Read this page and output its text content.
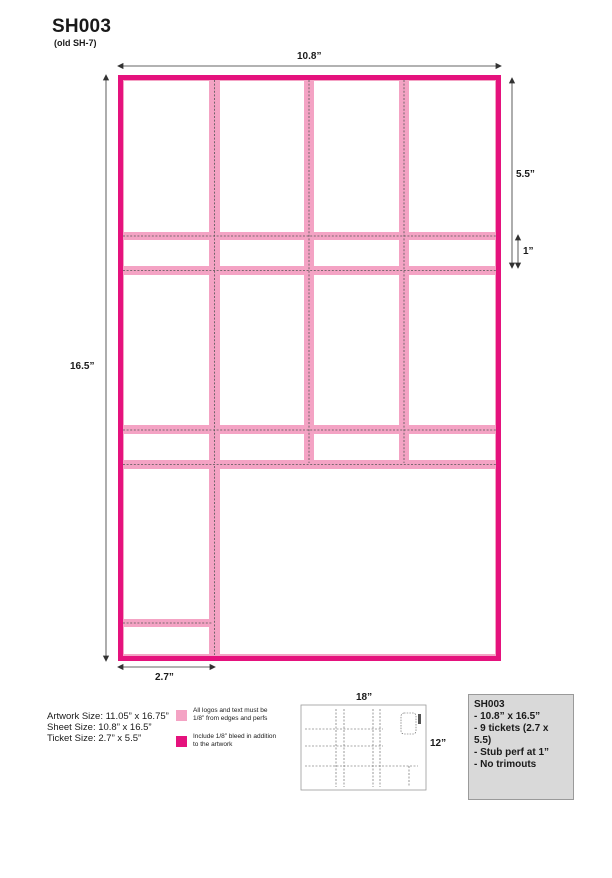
SH003
(old SH-7)
10.8”
16.5”
5.5”
1”
2.7”
Artwork Size: 11.05” x 16.75”
Sheet Size: 10.8” x 16.5”
Ticket Size: 2.7” x 5.5”
All logos and text must be
1/8” from edges and perfs
Include 1/8” bleed in addition
to the artwork
18”
12”
SH003
- 10.8” x 16.5”
- 9 tickets (2.7 x 5.5)
- Stub perf at 1”
- No trimouts
